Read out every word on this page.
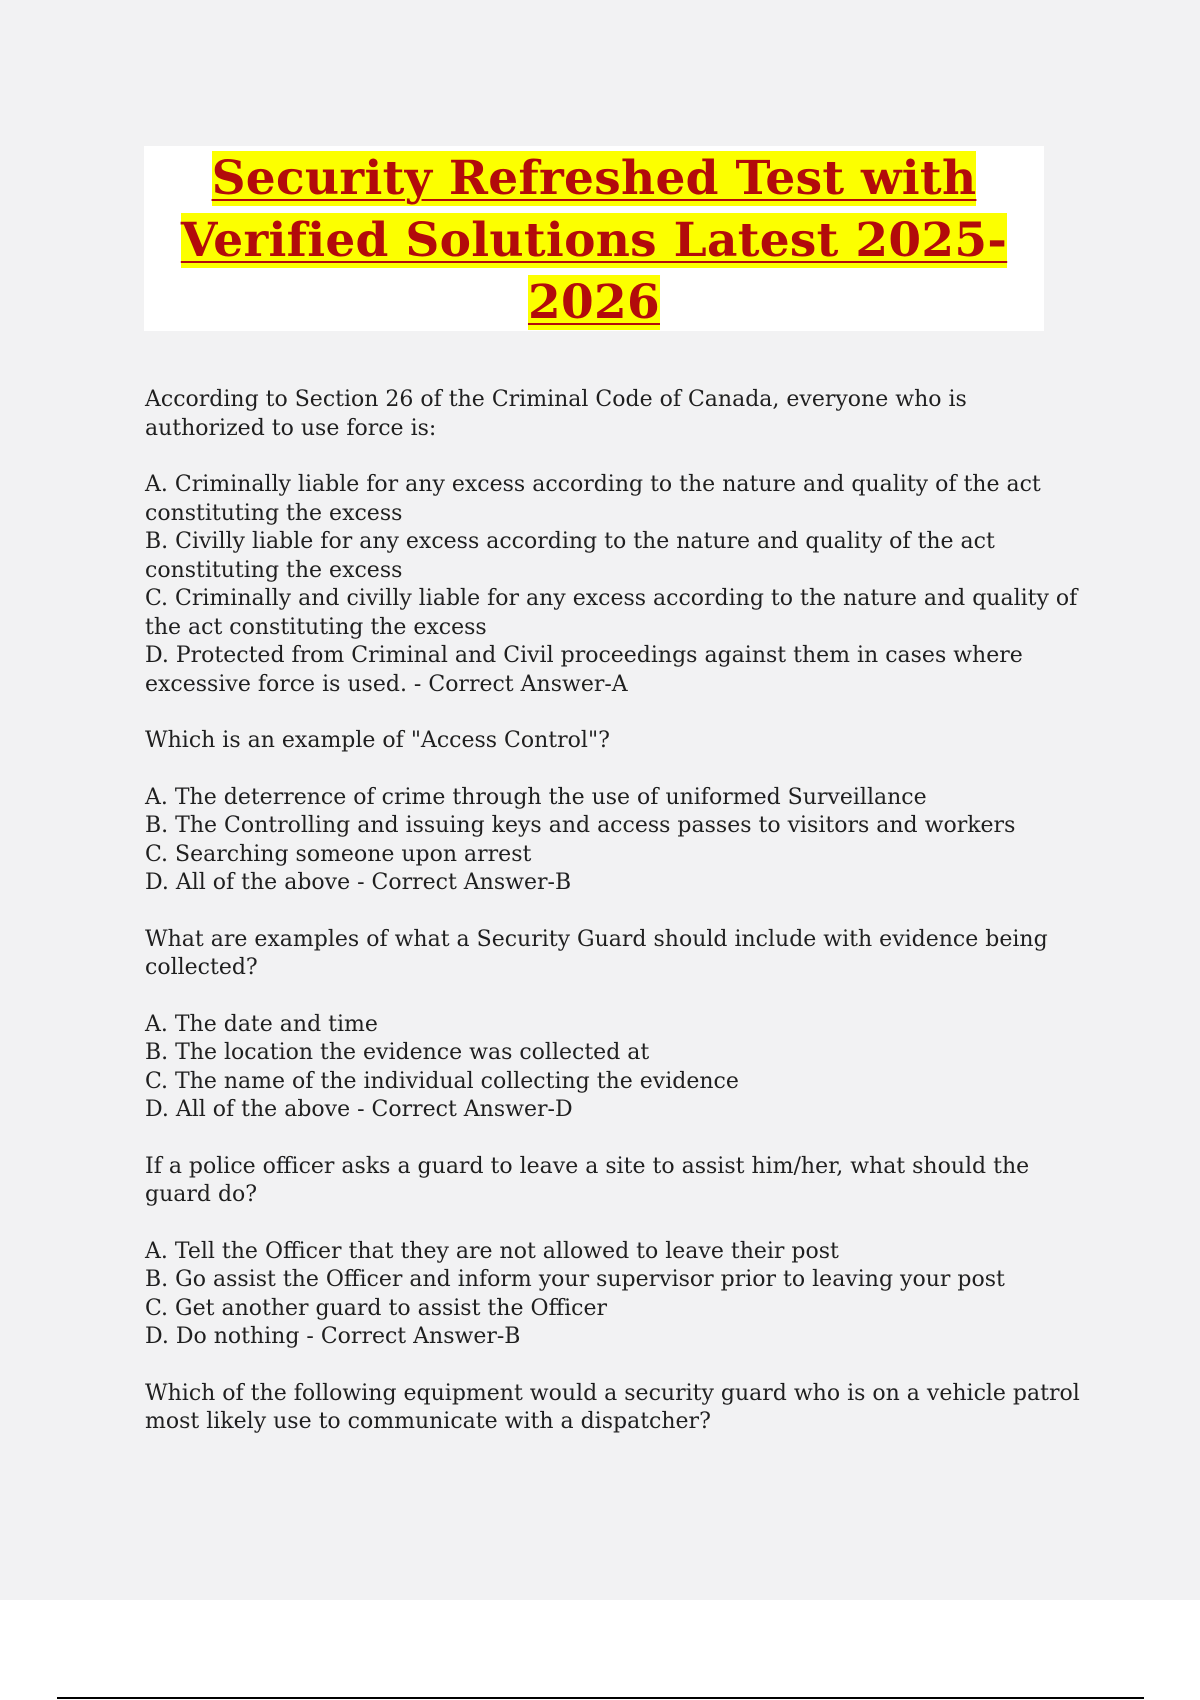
Security Refreshed Test with Verified Solutions Latest 2025-2026

According to Section 26 of the Criminal Code of Canada, everyone who is authorized to use force is:

A. Criminally liable for any excess according to the nature and quality of the act constituting the excess

B. Civilly liable for any excess according to the nature and quality of the act constituting the excess

C. Criminally and civilly liable for any excess according to the nature and quality of the act constituting the excess

D. Protected from Criminal and Civil proceedings against them in cases where excessive force is used. - Correct Answer-A

Which is an example of "Access Control"?

A. The deterrence of crime through the use of uniformed Surveillance

B. The Controlling and issuing keys and access passes to visitors and workers

C. Searching someone upon arrest

D. All of the above - Correct Answer-B

What are examples of what a Security Guard should include with evidence being collected?

A. The date and time

B. The location the evidence was collected at

C. The name of the individual collecting the evidence

D. All of the above - Correct Answer-D

If a police officer asks a guard to leave a site to assist him/her, what should the guard do?

A. Tell the Officer that they are not allowed to leave their post

B. Go assist the Officer and inform your supervisor prior to leaving your post

C. Get another guard to assist the Officer

D. Do nothing - Correct Answer-B

Which of the following equipment would a security guard who is on a vehicle patrol most likely use to communicate with a dispatcher?
